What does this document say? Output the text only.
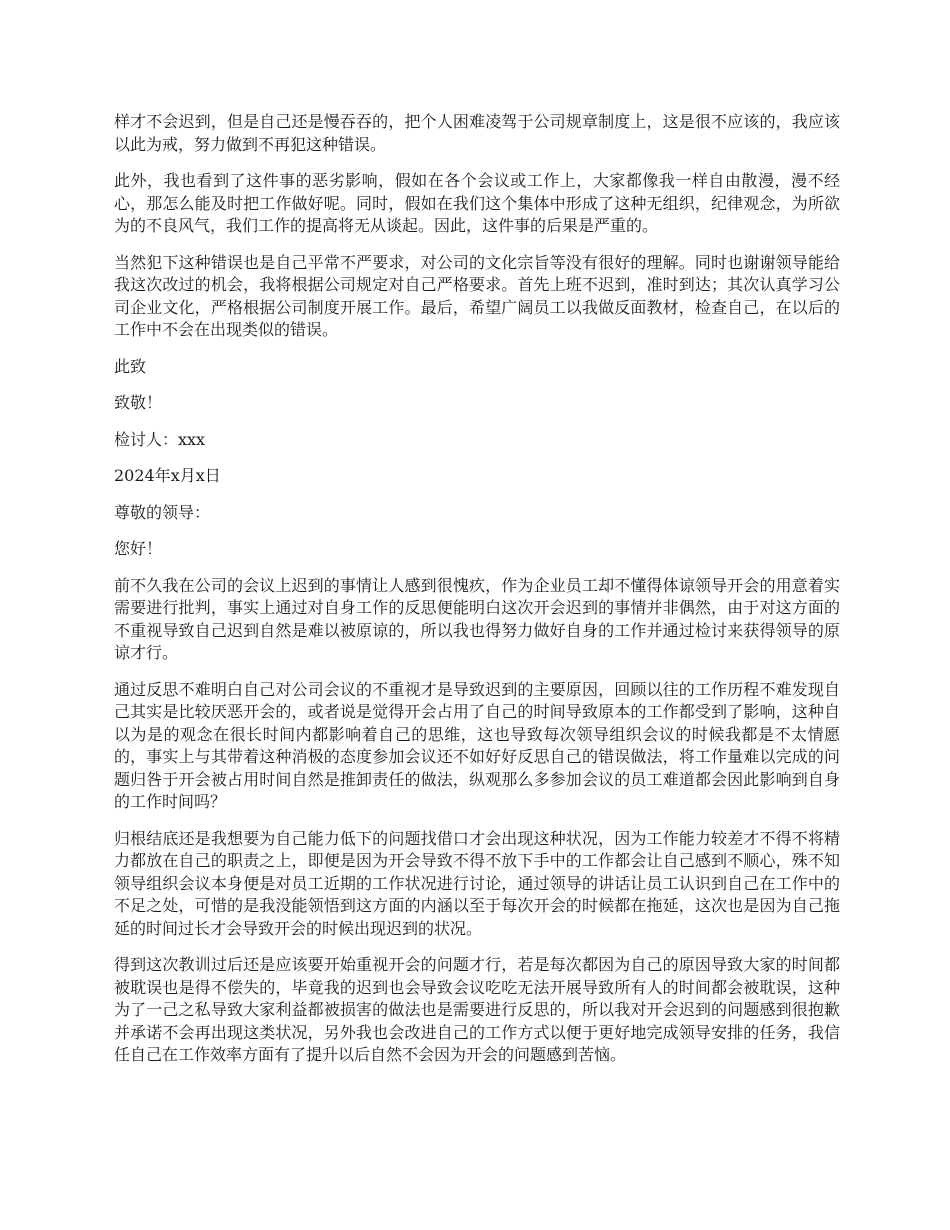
样才不会迟到，但是自己还是慢吞吞的，把个人困难凌驾于公司规章制度上，这是很不应该的，我应该以此为戒，努力做到不再犯这种错误。

此外，我也看到了这件事的恶劣影响，假如在各个会议或工作上，大家都像我一样自由散漫，漫不经心，那怎么能及时把工作做好呢。同时，假如在我们这个集体中形成了这种无组织，纪律观念，为所欲为的不良风气，我们工作的提高将无从谈起。因此，这件事的后果是严重的。

当然犯下这种错误也是自己平常不严要求，对公司的文化宗旨等没有很好的理解。同时也谢谢领导能给我这次改过的机会，我将根据公司规定对自己严格要求。首先上班不迟到，准时到达；其次认真学习公司企业文化，严格根据公司制度开展工作。最后，希望广阔员工以我做反面教材，检查自己，在以后的工作中不会在出现类似的错误。

此致

致敬！

检讨人：xxx

2024年x月x日

尊敬的领导：

您好！

前不久我在公司的会议上迟到的事情让人感到很愧疚，作为企业员工却不懂得体谅领导开会的用意着实需要进行批判，事实上通过对自身工作的反思便能明白这次开会迟到的事情并非偶然，由于对这方面的不重视导致自己迟到自然是难以被原谅的，所以我也得努力做好自身的工作并通过检讨来获得领导的原谅才行。

通过反思不难明白自己对公司会议的不重视才是导致迟到的主要原因，回顾以往的工作历程不难发现自己其实是比较厌恶开会的，或者说是觉得开会占用了自己的时间导致原本的工作都受到了影响，这种自以为是的观念在很长时间内都影响着自己的思维，这也导致每次领导组织会议的时候我都是不太情愿的，事实上与其带着这种消极的态度参加会议还不如好好反思自己的错误做法，将工作量难以完成的问题归咎于开会被占用时间自然是推卸责任的做法，纵观那么多参加会议的员工难道都会因此影响到自身的工作时间吗？

归根结底还是我想要为自己能力低下的问题找借口才会出现这种状况，因为工作能力较差才不得不将精力都放在自己的职责之上，即便是因为开会导致不得不放下手中的工作都会让自己感到不顺心，殊不知领导组织会议本身便是对员工近期的工作状况进行讨论，通过领导的讲话让员工认识到自己在工作中的不足之处，可惜的是我没能领悟到这方面的内涵以至于每次开会的时候都在拖延，这次也是因为自己拖延的时间过长才会导致开会的时候出现迟到的状况。

得到这次教训过后还是应该要开始重视开会的问题才行，若是每次都因为自己的原因导致大家的时间都被耽误也是得不偿失的，毕竟我的迟到也会导致会议吃吃无法开展导致所有人的时间都会被耽误，这种为了一己之私导致大家利益都被损害的做法也是需要进行反思的，所以我对开会迟到的问题感到很抱歉并承诺不会再出现这类状况，另外我也会改进自己的工作方式以便于更好地完成领导安排的任务，我信任自己在工作效率方面有了提升以后自然不会因为开会的问题感到苦恼。
